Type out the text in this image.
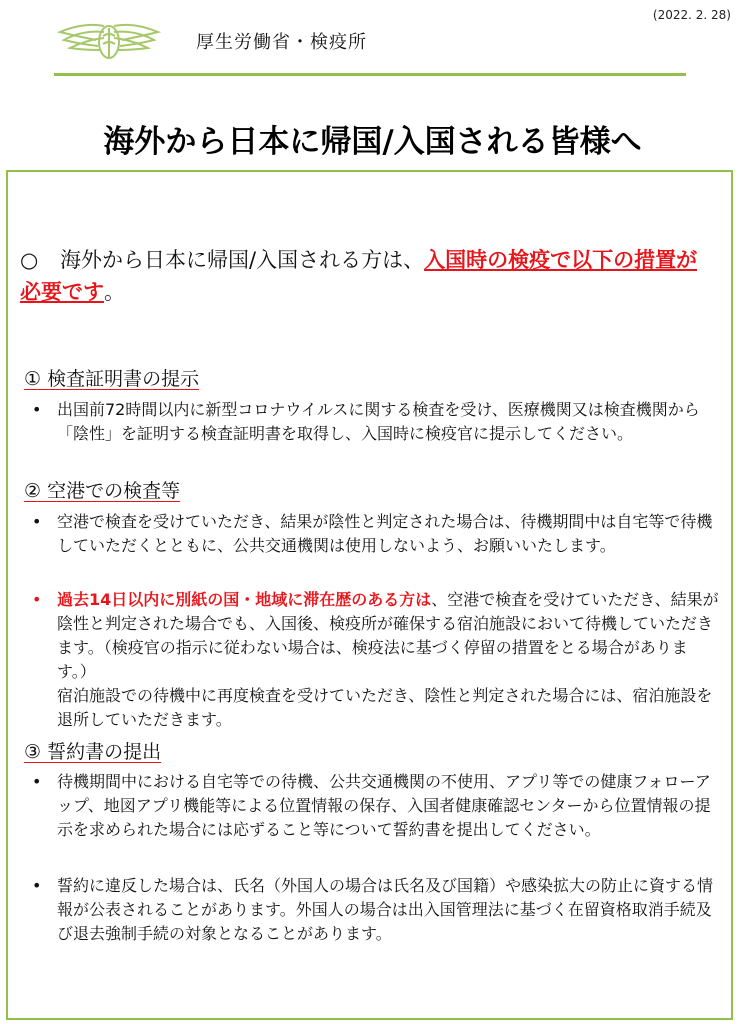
(2022. 2. 28)
厚生労働省・検疫所
海外から日本に帰国/入国される皆様へ
○ 海外から日本に帰国/入国される方は、入国時の検疫で以下の措置が必要です。
① 検査証明書の提示
• 出国前72時間以内に新型コロナウイルスに関する検査を受け、医療機関又は検査機関から「陰性」を証明する検査証明書を取得し、入国時に検疫官に提示してください。
② 空港での検査等
• 空港で検査を受けていただき、結果が陰性と判定された場合は、待機期間中は自宅等で待機していただくとともに、公共交通機関は使用しないよう、お願いいたします。
• 過去14日以内に別紙の国・地域に滞在歴のある方は、空港で検査を受けていただき、結果が陰性と判定された場合でも、入国後、検疫所が確保する宿泊施設において待機していただきます。（検疫官の指示に従わない場合は、検疫法に基づく停留の措置をとる場合があります。）
宿泊施設での待機中に再度検査を受けていただき、陰性と判定された場合には、宿泊施設を退所していただきます。
③ 誓約書の提出
• 待機期間中における自宅等での待機、公共交通機関の不使用、アプリ等での健康フォローアップ、地図アプリ機能等による位置情報の保存、入国者健康確認センターから位置情報の提示を求められた場合には応ずること等について誓約書を提出してください。
• 誓約に違反した場合は、氏名（外国人の場合は氏名及び国籍）や感染拡大の防止に資する情報が公表されることがあります。外国人の場合は出入国管理法に基づく在留資格取消手続及び退去強制手続の対象となることがあります。
